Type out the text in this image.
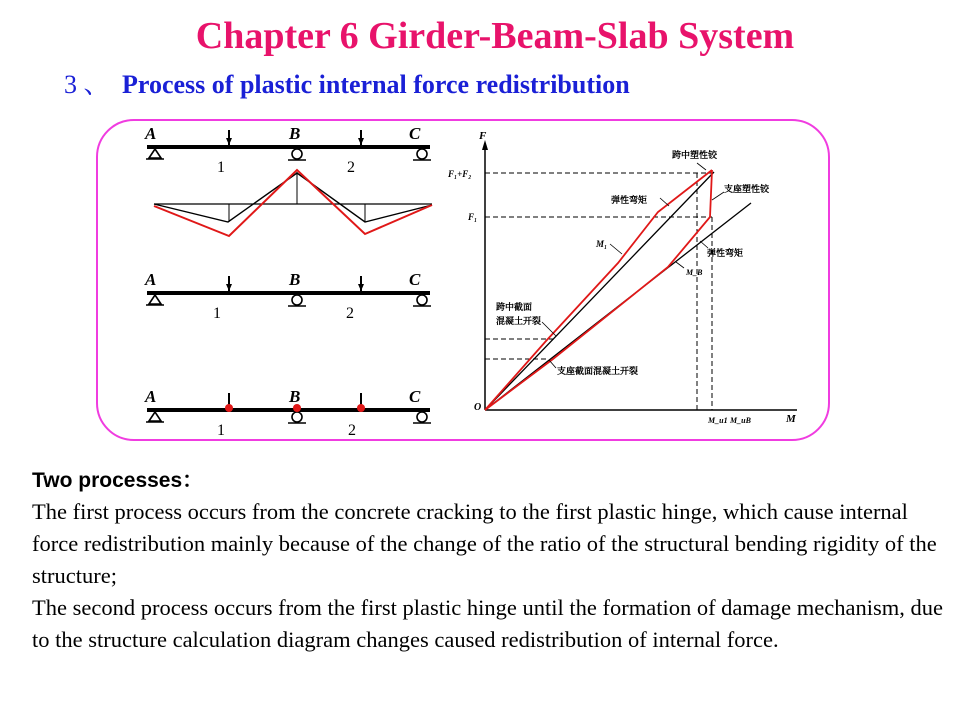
Chapter 6 Girder-Beam-Slab System
3 、 Process of plastic internal force redistribution
A	B	C
1	2
A	B	C
1	2
A	B	C
1	2
F
M
O
F₁+F₂
F₁
跨中塑性铰
支座塑性铰
弹性弯矩
弹性弯矩
M₁
M_B
跨中截面
混凝土开裂
支座截面混凝土开裂
M_u1 M_uB
Two processes：

The first process occurs from the concrete cracking to the first plastic hinge, which cause internal force redistribution mainly because of the change of the ratio of the structural bending rigidity of the structure;

The second process occurs from the first plastic hinge until the formation of damage mechanism, due to the structure calculation diagram changes caused redistribution of internal force.
